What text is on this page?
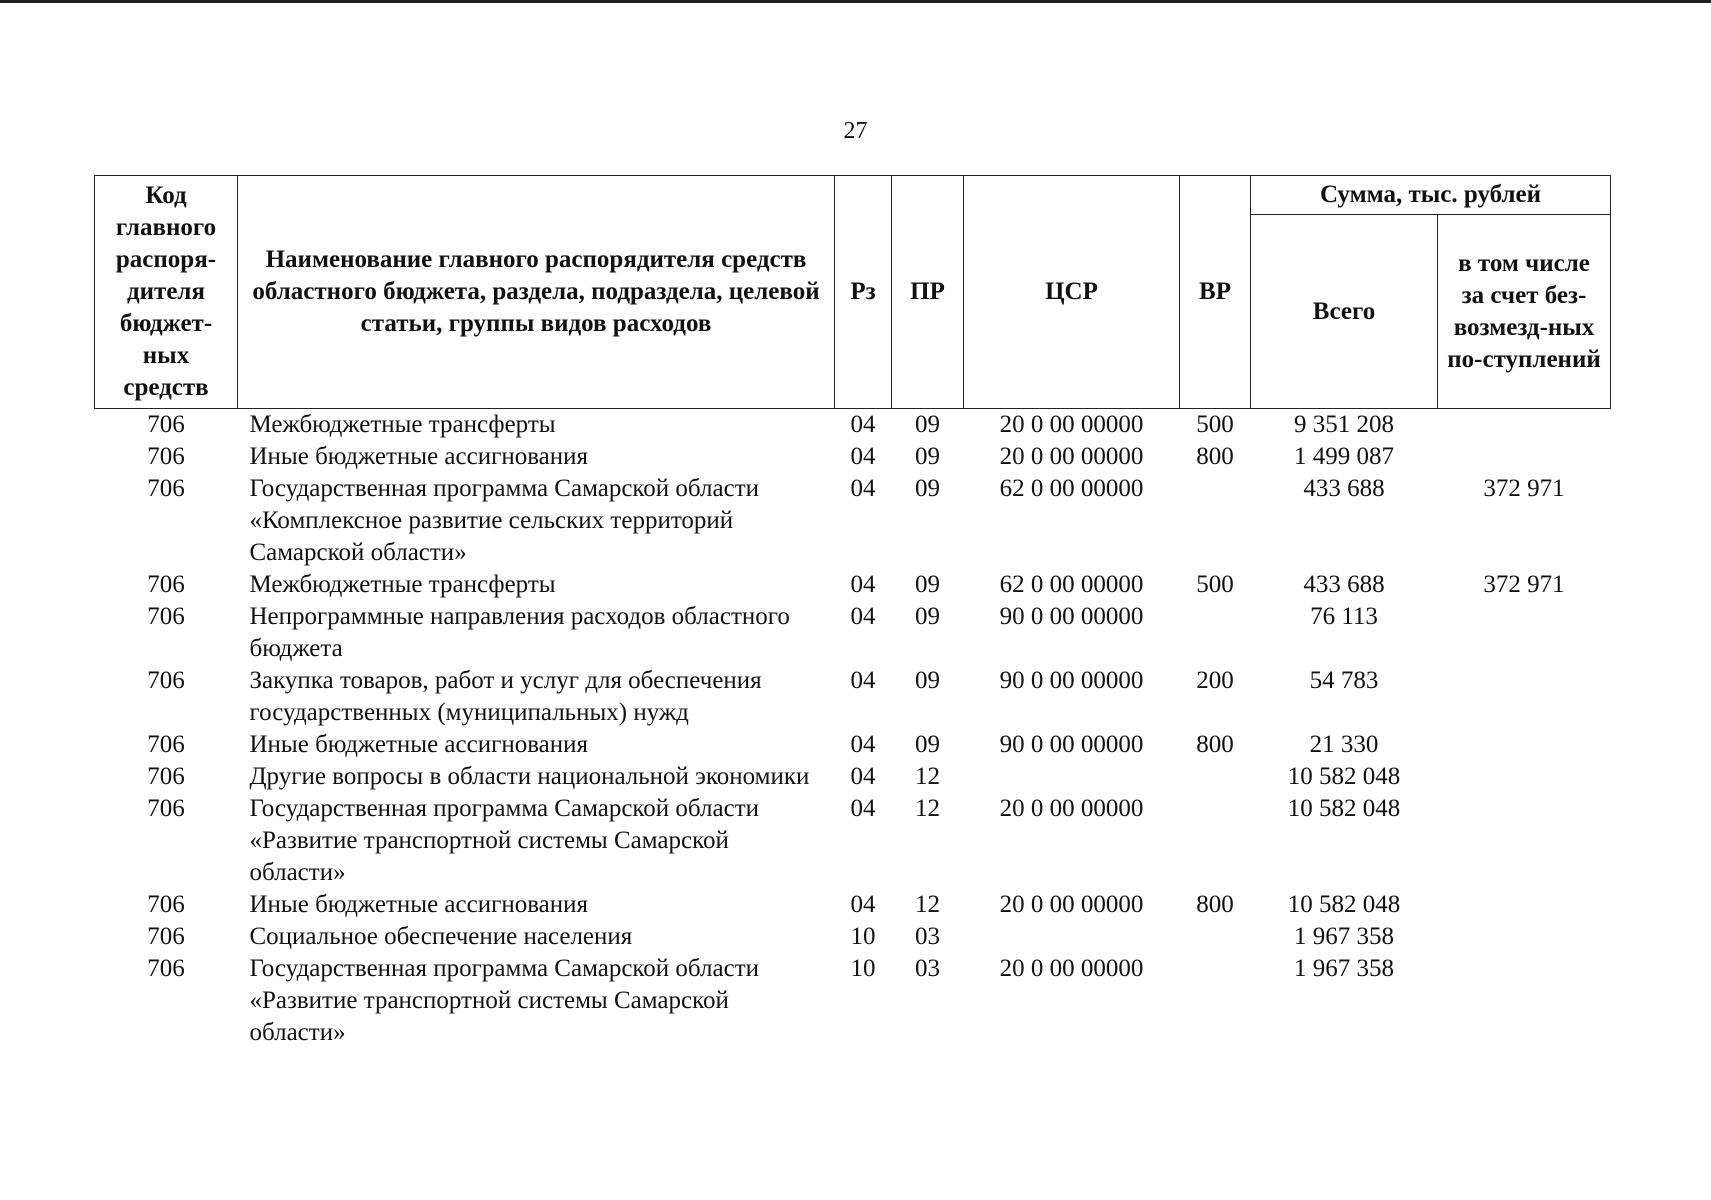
27
Код главного распоря-дителя бюджет-ных средств	Наименование главного распорядителя средств областного бюджета, раздела, подраздела, целевой статьи, группы видов расходов	Рз	ПР	ЦСР	ВР	Сумма, тыс. рублей	
						Всего	в том числе за счет без-возмезд-ных по-ступлений
706	Межбюджетные трансферты	04	09	20 0 00 00000	500	9 351 208	
706	Иные бюджетные ассигнования	04	09	20 0 00 00000	800	1 499 087	
706	Государственная программа Самарской области «Комплексное развитие сельских территорий Самарской области»	04	09	62 0 00 00000		433 688	372 971
706	Межбюджетные трансферты	04	09	62 0 00 00000	500	433 688	372 971
706	Непрограммные направления расходов областного бюджета	04	09	90 0 00 00000		76 113	
706	Закупка товаров, работ и услуг для обеспечения государственных (муниципальных) нужд	04	09	90 0 00 00000	200	54 783	
706	Иные бюджетные ассигнования	04	09	90 0 00 00000	800	21 330	
706	Другие вопросы в области национальной экономики	04	12			10 582 048	
706	Государственная программа Самарской области «Развитие транспортной системы Самарской области»	04	12	20 0 00 00000		10 582 048	
706	Иные бюджетные ассигнования	04	12	20 0 00 00000	800	10 582 048	
706	Социальное обеспечение населения	10	03			1 967 358	
706	Государственная программа Самарской области «Развитие транспортной системы Самарской области»	10	03	20 0 00 00000		1 967 358	
